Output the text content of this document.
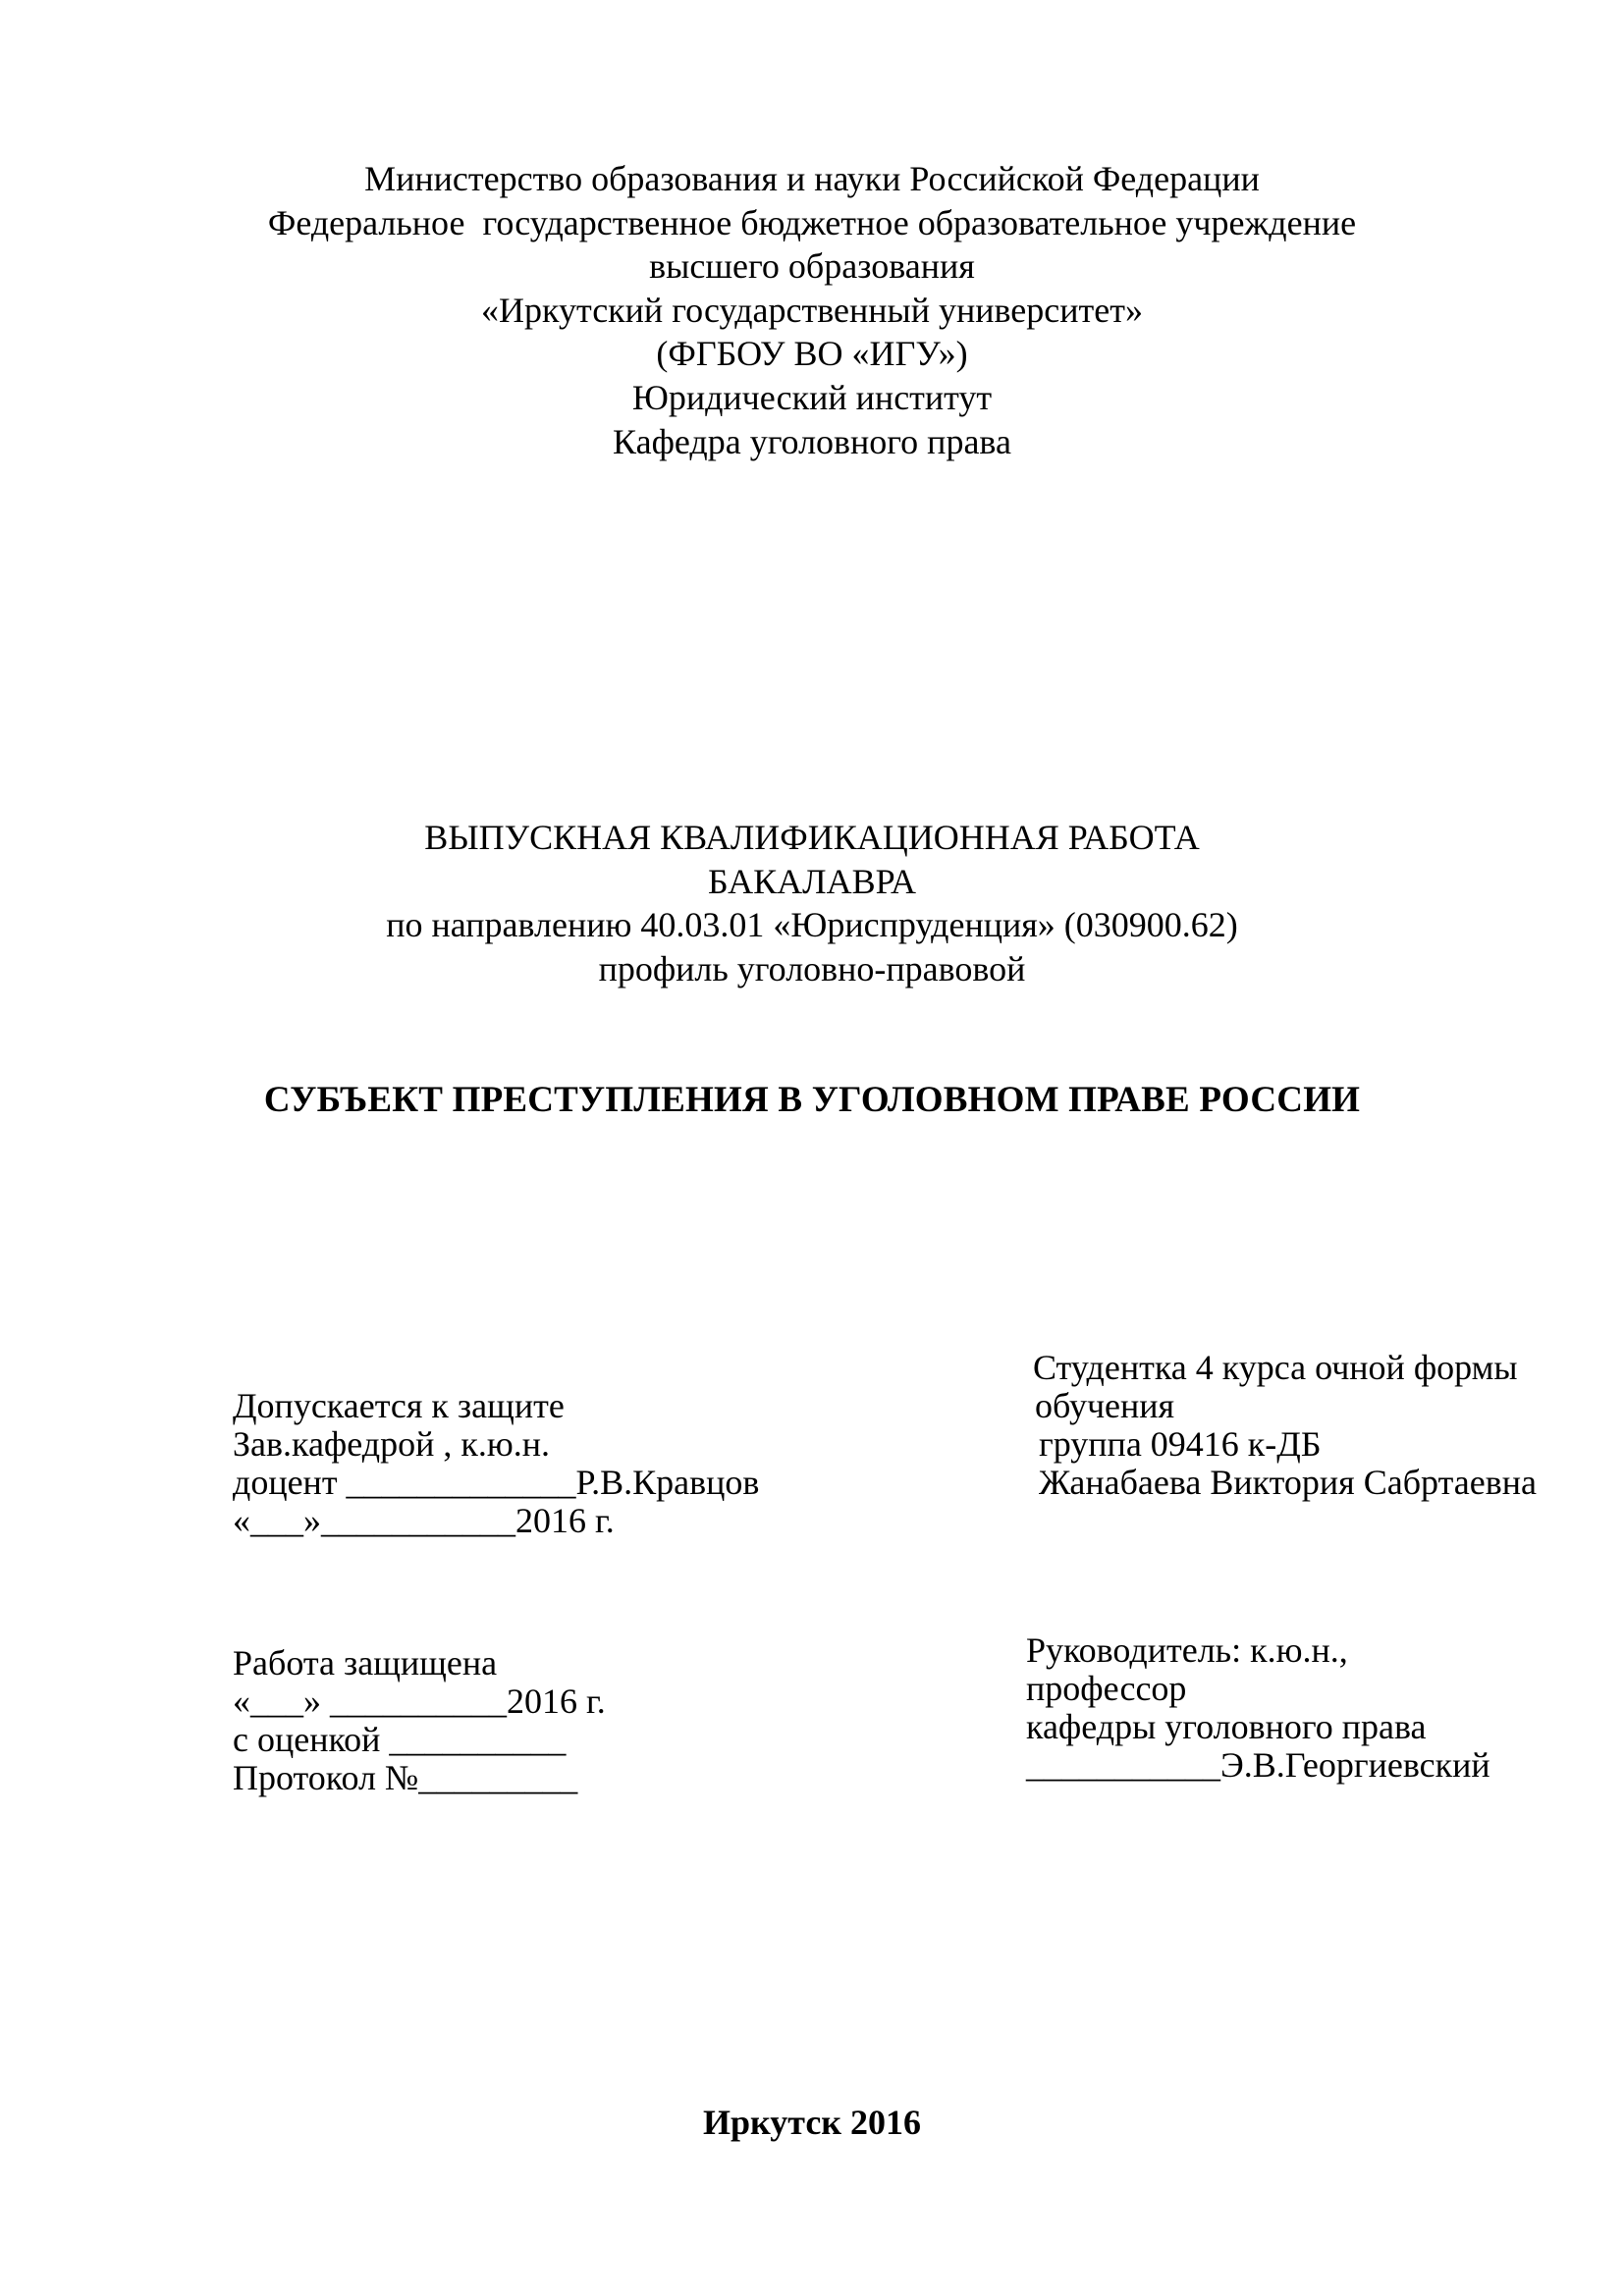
Министерство образования и науки Российской Федерации
Федеральное  государственное бюджетное образовательное учреждение
высшего образования
«Иркутский государственный университет»
(ФГБОУ ВО «ИГУ»)
Юридический институт
Кафедра уголовного права
ВЫПУСКНАЯ КВАЛИФИКАЦИОННАЯ РАБОТА
БАКАЛАВРА
по направлению 40.03.01 «Юриспруденция» (030900.62)
профиль уголовно-правовой
СУБЪЕКТ ПРЕСТУПЛЕНИЯ В УГОЛОВНОМ ПРАВЕ РОССИИ
Студентка 4 курса очной формы
обучения
группа 09416 к-ДБ
Жанабаева Виктория Сабртаевна
Допускается к защите
Зав.кафедрой , к.ю.н.
доцент _____________Р.В.Кравцов
«___»___________2016 г.
Работа защищена
«___» __________2016 г.
с оценкой __________
Протокол №_________
Руководитель: к.ю.н.,
профессор
кафедры уголовного права
___________Э.В.Георгиевский
Иркутск 2016
